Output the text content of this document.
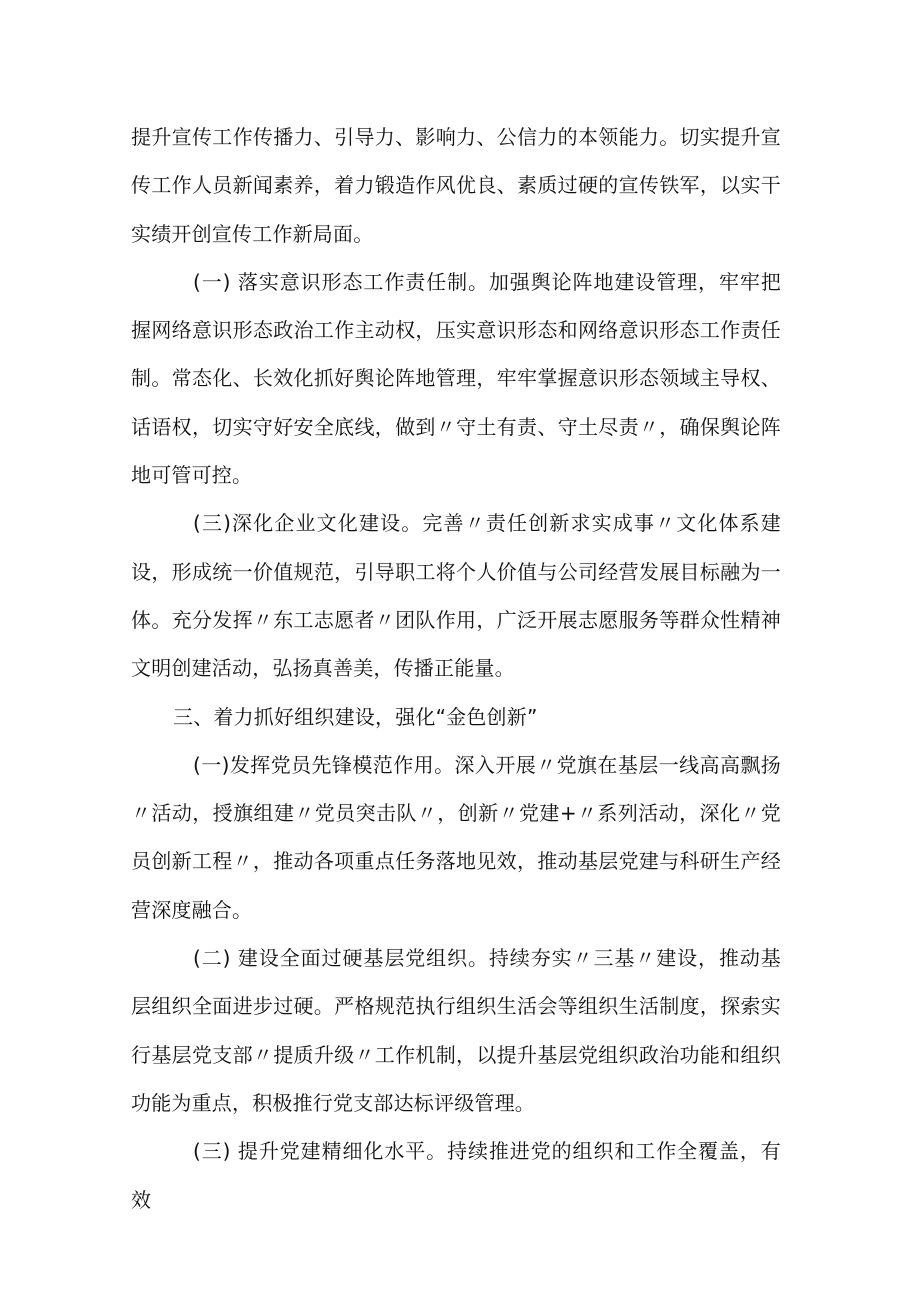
提升宣传工作传播力、引导力、影响力、公信力的本领能力。切实提升宣传工作人员新闻素养，着力锻造作风优良、素质过硬的宣传铁军，以实干实绩开创宣传工作新局面。

(一) 落实意识形态工作责任制。加强舆论阵地建设管理，牢牢把握网络意识形态政治工作主动权，压实意识形态和网络意识形态工作责任制。常态化、长效化抓好舆论阵地管理，牢牢掌握意识形态领域主导权、话语权，切实守好安全底线，做到〃守土有责、守土尽责〃，确保舆论阵地可管可控。

(三)深化企业文化建设。完善〃责任创新求实成事〃文化体系建设，形成统一价值规范，引导职工将个人价值与公司经营发展目标融为一体。充分发挥〃东工志愿者〃团队作用，广泛开展志愿服务等群众性精神文明创建活动，弘扬真善美，传播正能量。

三、着力抓好组织建设，强化“金色创新”

(一)发挥党员先锋模范作用。深入开展〃党旗在基层一线高高飘扬〃活动，授旗组建〃党员突击队〃，创新〃党建+〃系列活动，深化〃党员创新工程〃，推动各项重点任务落地见效，推动基层党建与科研生产经营深度融合。

(二) 建设全面过硬基层党组织。持续夯实〃三基〃建设，推动基层组织全面进步过硬。严格规范执行组织生活会等组织生活制度，探索实行基层党支部〃提质升级〃工作机制，以提升基层党组织政治功能和组织功能为重点，积极推行党支部达标评级管理。

(三) 提升党建精细化水平。持续推进党的组织和工作全覆盖，有效
